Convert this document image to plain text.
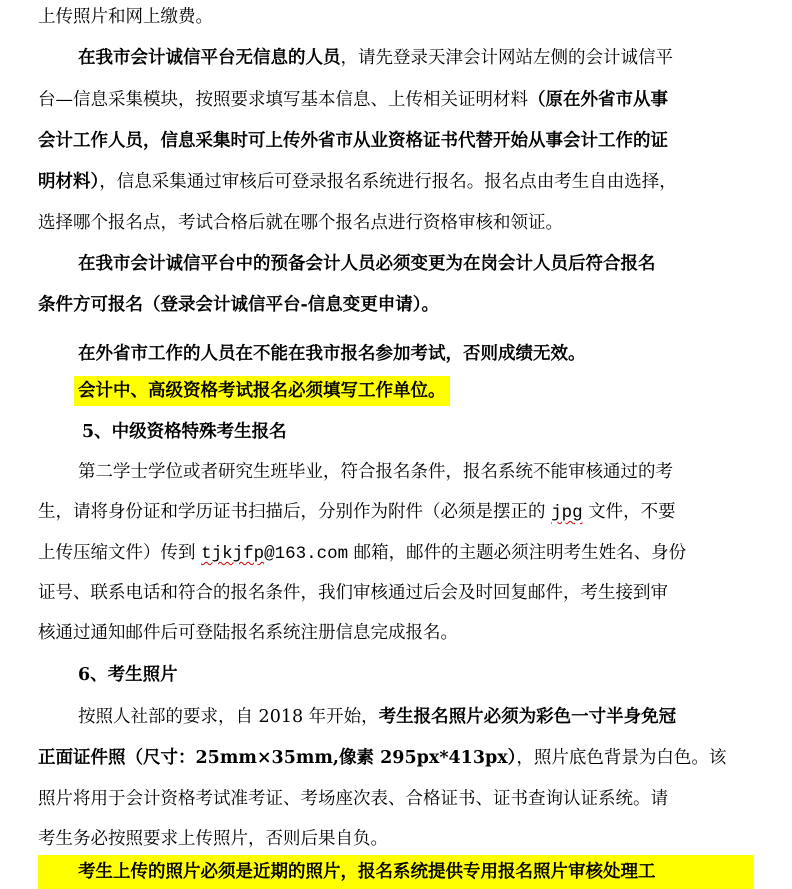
上传照片和网上缴费。
在我市会计诚信平台无信息的人员，请先登录天津会计网站左侧的会计诚信平
台—信息采集模块，按照要求填写基本信息、上传相关证明材料（原在外省市从事
会计工作人员，信息采集时可上传外省市从业资格证书代替开始从事会计工作的证
明材料），信息采集通过审核后可登录报名系统进行报名。报名点由考生自由选择，
选择哪个报名点，考试合格后就在哪个报名点进行资格审核和领证。
在我市会计诚信平台中的预备会计人员必须变更为在岗会计人员后符合报名
条件方可报名（登录会计诚信平台-信息变更申请）。
在外省市工作的人员在不能在我市报名参加考试，否则成绩无效。
会计中、高级资格考试报名必须填写工作单位。
5、中级资格特殊考生报名
第二学士学位或者研究生班毕业，符合报名条件，报名系统不能审核通过的考
生，请将身份证和学历证书扫描后，分别作为附件（必须是摆正的 jpg 文件，不要
上传压缩文件）传到 tjkjfp@163.com 邮箱，邮件的主题必须注明考生姓名、身份
证号、联系电话和符合的报名条件，我们审核通过后会及时回复邮件，考生接到审
核通过通知邮件后可登陆报名系统注册信息完成报名。
6、考生照片
按照人社部的要求，自 2018 年开始，考生报名照片必须为彩色一寸半身免冠
正面证件照（尺寸：25mm×35mm,像素 295px*413px），照片底色背景为白色。该
照片将用于会计资格考试准考证、考场座次表、合格证书、证书查询认证系统。请
考生务必按照要求上传照片，否则后果自负。
考生上传的照片必须是近期的照片，报名系统提供专用报名照片审核处理工
